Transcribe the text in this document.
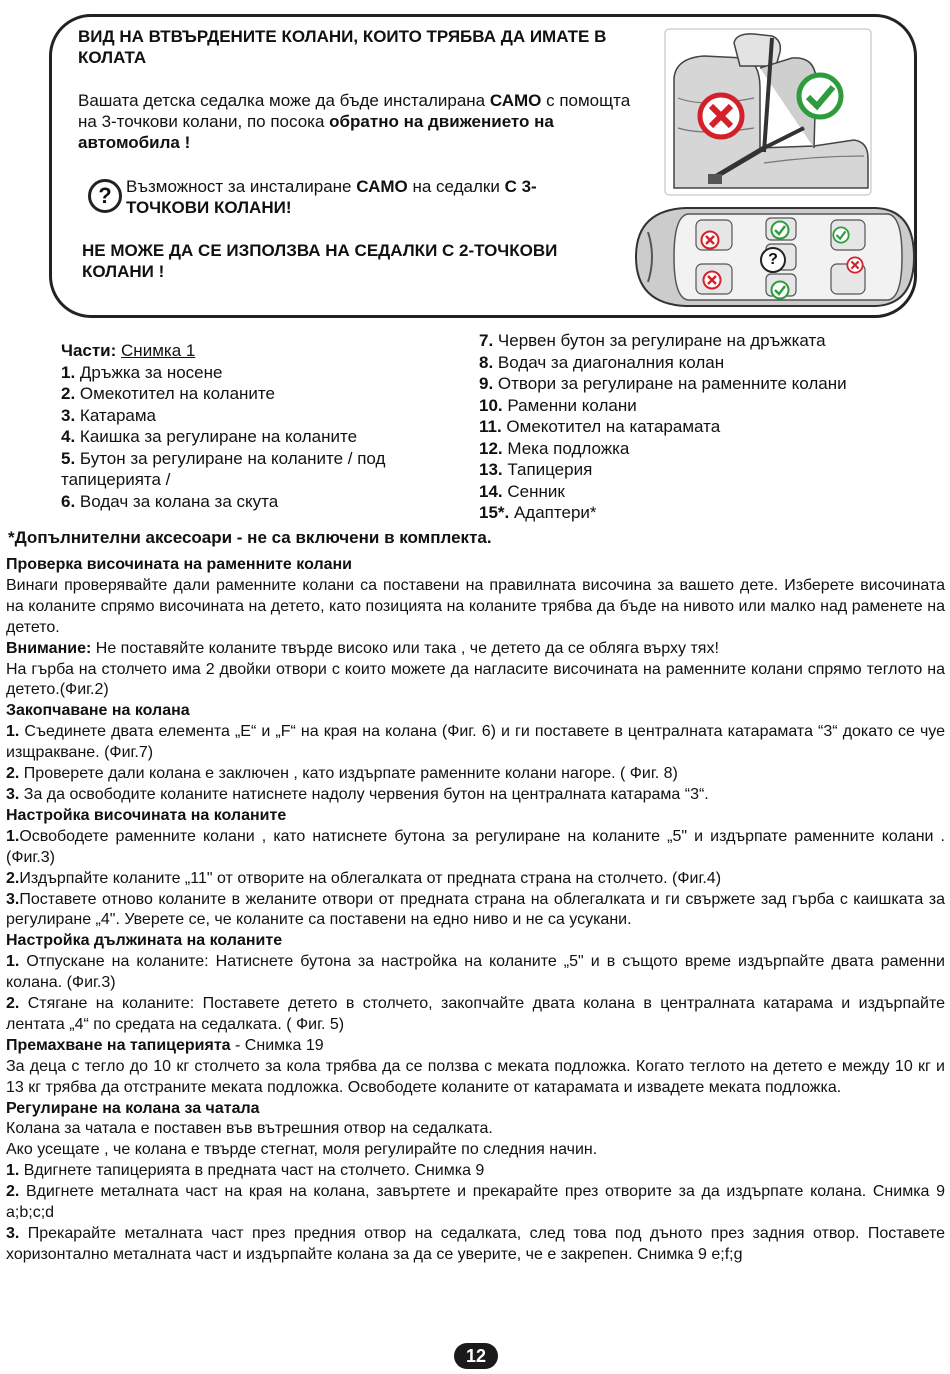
ВИД НА ВТВЪРДЕНИТЕ КОЛАНИ, КОИТО ТРЯБВА ДА ИМАТЕ В КОЛАТА
Вашата детска седалка може да бъде инсталирана САМО с помощта на 3-точкови колани, по посока обратно на движението на автомобила !
? Възможност за инсталиране САМО на седалки С 3-ТОЧКОВИ КОЛАНИ!
НЕ МОЖЕ ДА СЕ ИЗПОЛЗВА НА СЕДАЛКИ С 2-ТОЧКОВИ КОЛАНИ !
?
Части: Снимка 1
1. Дръжка за носене
2. Омекотител на коланите
3. Катарама
4. Каишка за регулиране на коланите
5. Бутон за регулиране на коланите / под тапицерията /
6. Водач за колана за скута
7. Червен бутон за регулиране на дръжката
8. Водач за диагоналния колан
9. Отвори за регулиране на раменните колани
10. Раменни колани
11. Омекотител на катарамата
12. Мека подложка
13. Тапицерия
14. Сенник
15*. Адаптери*
*Допълнителни аксесоари - не са включени в комплекта.

Проверка височината на раменните колани

Винаги проверявайте дали раменните колани са поставени на правилната височина за вашето дете. Изберете височината на коланите спрямо височината на детето, като позицията на коланите трябва да бъде на нивото или малко над раменете на детето.

Внимание: Не поставяйте коланите твърде високо или така , че детето да се обляга върху тях!

На гърба на столчето има 2 двойки отвори с които можете да нагласите височината на раменните колани спрямо теглото на детето.(Фиг.2)

Закопчаване на колана

1. Съединете двата елемента „E“ и „F“ на края на колана (Фиг. 6) и ги поставете в централната катарамата “3“ докато се чуе изщракване. (Фиг.7)

2. Проверете дали колана е заключен , като издърпате раменните колани нагоре. ( Фиг. 8)

3. За да освободите коланите натиснете надолу червения бутон на централната катарама “3“.

Настройка височината на коланите

1.Освободете раменните колани , като натиснете бутона за регулиране на коланите „5" и издърпате раменните колани . (Фиг.3)

2.Издърпайте коланите „11" от отворите на облегалката от предната страна на столчето. (Фиг.4)

3.Поставете отново коланите в желаните отвори от предната страна на облегалката и ги свържете зад гърба с каишката за регулиране „4". Уверете се, че коланите са поставени на едно ниво и не са усукани.

Настройка дължината на коланите

1. Отпускане на коланите: Натиснете бутона за настройка на коланите „5" и в същото време издърпайте двата раменни колана. (Фиг.3)

2. Стягане на коланите: Поставете детето в столчето, закопчайте двата колана в централната катарама и издърпайте лентата „4“ по средата на седалката. ( Фиг. 5)

Премахване на тапицерията - Снимка 19

За деца с тегло до 10 кг столчето за кола трябва да се ползва с меката подложка. Когато теглото на детето е между 10 кг и 13 кг трябва да отстраните меката подложка. Освободете коланите от катарамата и извадете меката подложка.

Регулиране на колана за чатала

Колана за чатала е поставен във вътрешния отвор на седалката.

Ако усещате , че колана е твърде стегнат, моля регулирайте по следния начин.

1. Вдигнете тапицерията в предната част на столчето. Снимка 9

2. Вдигнете металната част на края на колана, завъртете и прекарайте през отворите за да издърпате колана. Снимка 9 a;b;c;d

3. Прекарайте металната част през предния отвор на седалката, след това под дъното през задния отвор. Поставете хоризонтално металната част и издърпайте колана за да се уверите, че е закрепен. Снимка 9 e;f;g

12
